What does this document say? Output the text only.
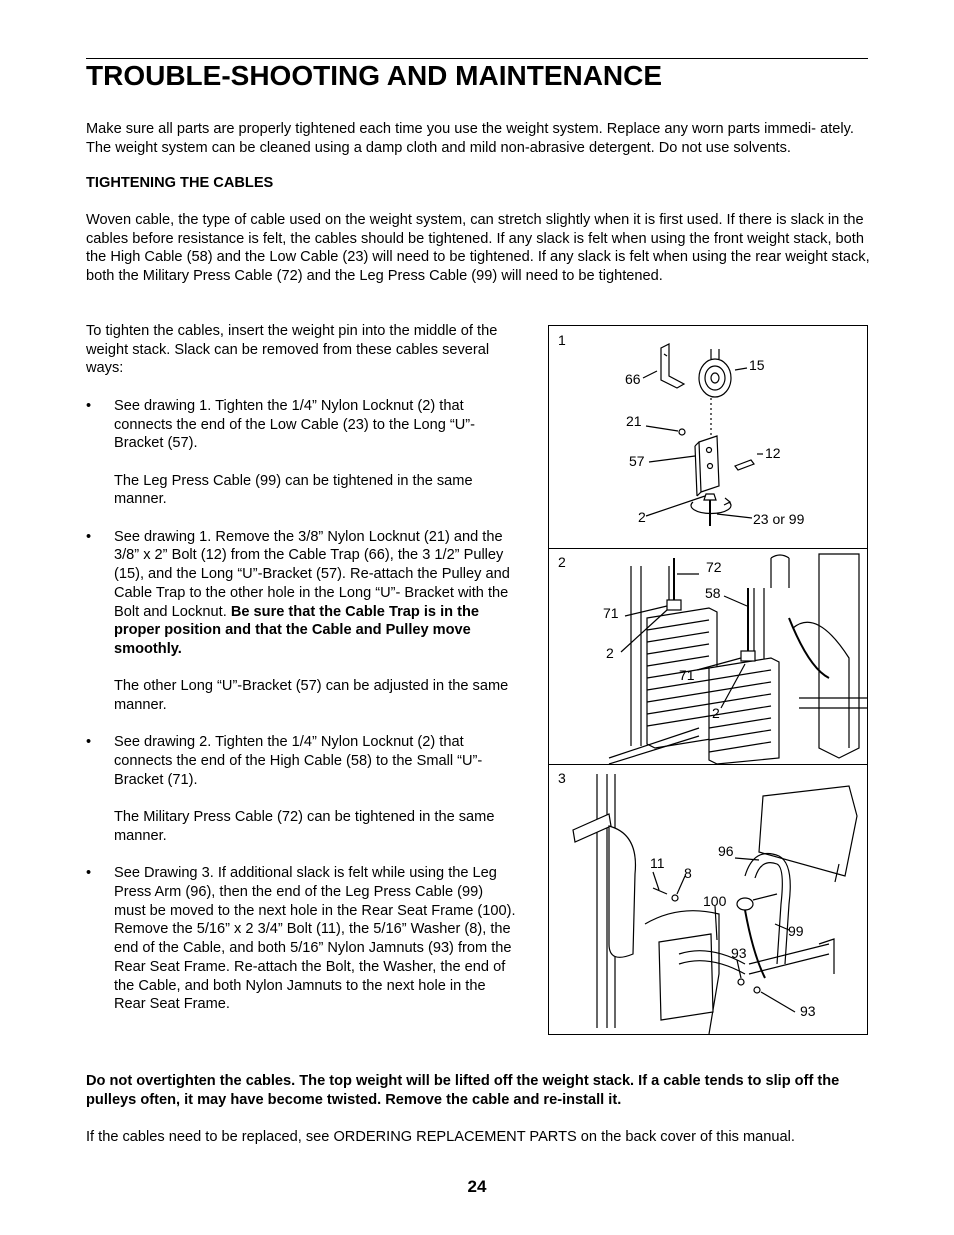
TROUBLE-SHOOTING AND MAINTENANCE

Make sure all parts are properly tightened each time you use the weight system. Replace any worn parts immedi- ately. The weight system can be cleaned using a damp cloth and mild non-abrasive detergent. Do not use solvents.

TIGHTENING THE CABLES

Woven cable, the type of cable used on the weight system, can stretch slightly when it is first used. If there is slack in the cables before resistance is felt, the cables should be tightened. If any slack is felt when using the front weight stack, both the High Cable (58) and the Low Cable (23) will need to be tightened. If any slack is felt when using the rear weight stack, both the Military Press Cable (72) and the Leg Press Cable (99) will need to be tightened.

To tighten the cables, insert the weight pin into the middle of the weight stack. Slack can be removed from these cables several ways:

• See drawing 1. Tighten the 1/4” Nylon Locknut (2) that connects the end of the Low Cable (23) to the Long “U”- Bracket (57).

The Leg Press Cable (99) can be tightened in the same manner.

• See drawing 1. Remove the 3/8” Nylon Locknut (21) and the 3/8” x 2” Bolt (12) from the Cable Trap (66), the 3 1/2” Pulley (15), and the Long “U”-Bracket (57). Re-attach the Pulley and Cable Trap to the other hole in the Long “U”- Bracket with the Bolt and Locknut. Be sure that the Cable Trap is in the proper position and that the Cable and Pulley move smoothly.

The other Long “U”-Bracket (57) can be adjusted in the same manner.

• See drawing 2. Tighten the 1/4” Nylon Locknut (2) that connects the end of the High Cable (58) to the Small “U”- Bracket (71).

The Military Press Cable (72) can be tightened in the same manner.

• See Drawing 3. If additional slack is felt while using the Leg Press Arm (96), then the end of the Leg Press Cable (99) must be moved to the next hole in the Rear Seat Frame (100). Remove the 5/16” x 2 3/4” Bolt (11), the 5/16” Washer (8), the end of the Cable, and both 5/16” Nylon Jamnuts (93) from the Rear Seat Frame. Re-attach the Bolt, the Washer, the end of the Cable, and both Nylon Jamnuts to the next hole in the Rear Seat Frame.

1
66
15
21
12
57
2	23 or 99
2	72
58
71
2
71
2
3
11
8
96
100
99
93
93

Do not overtighten the cables. The top weight will be lifted off the weight stack. If a cable tends to slip off the pulleys often, it may have become twisted. Remove the cable and re-install it.

If the cables need to be replaced, see ORDERING REPLACEMENT PARTS on the back cover of this manual.

24
